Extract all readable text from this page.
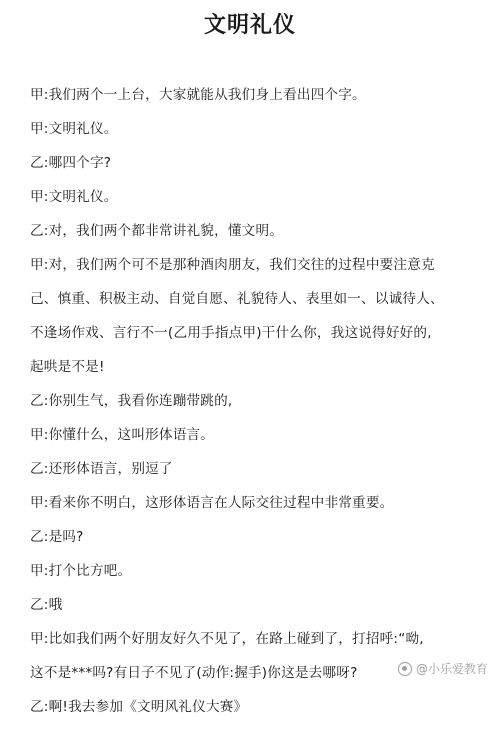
文明礼仪
甲:我们两个一上台，大家就能从我们身上看出四个字。
甲:文明礼仪。
乙:哪四个字?
甲:文明礼仪。
乙:对，我们两个都非常讲礼貌，懂文明。
甲:对，我们两个可不是那种酒肉朋友，我们交往的过程中要注意克
己、慎重、积极主动、自觉自愿、礼貌待人、表里如一、以诚待人、
不逢场作戏、言行不一(乙用手指点甲)干什么你，我这说得好好的,
起哄是不是!
乙:你别生气，我看你连蹦带跳的,
甲:你懂什么，这叫形体语言。
乙:还形体语言，别逗了
甲:看来你不明白，这形体语言在人际交往过程中非常重要。
乙:是吗?
甲:打个比方吧。
乙:哦
甲:比如我们两个好朋友好久不见了，在路上碰到了，打招呼:“呦,
这不是***吗?有日子不见了(动作:握手)你这是去哪呀?
乙:啊!我去参加《文明风礼仪大赛》
@小乐爱教育
